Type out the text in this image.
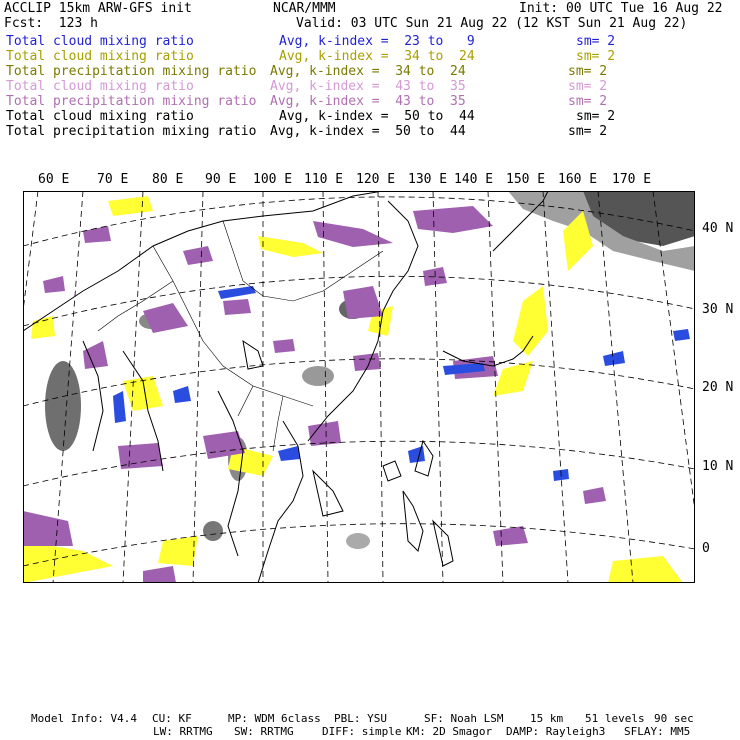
ACCLIP 15km ARW-GFS init	NCAR/MMM	Init: 00 UTC Tue 16 Aug 22
Fcst:  123 h	Valid: 03 UTC Sun 21 Aug 22 (12 KST Sun 21 Aug 22)
Total cloud mixing ratio	Avg, k-index =  23 to   9	sm= 2
Total cloud mixing ratio	Avg, k-index =  34 to  24	sm= 2
Total precipitation mixing ratio Avg, k-index =  34 to  24	sm= 2
Total cloud mixing ratio	Avg, k-index =  43 to  35	sm= 2
Total precipitation mixing ratio Avg, k-index =  43 to  35	sm= 2
Total cloud mixing ratio	Avg, k-index =  50 to  44	sm= 2
Total precipitation mixing ratio Avg, k-index =  50 to  44	sm= 2
60 E 70 E 80 E 90 E 100 E 110 E 120 E 130 E 140 E 150 E 160 E 170 E
40 N
30 N
20 N
10 N
0
Model Info: V4.4 CU: KF	MP: WDM 6class PBL: YSU	SF: Noah LSM 15 km 51 levels 90 sec
LW: RRTMG SW: RRTMG	DIFF: simple KM: 2D Smagor DAMP: Rayleigh3 SFLAY: MM5
